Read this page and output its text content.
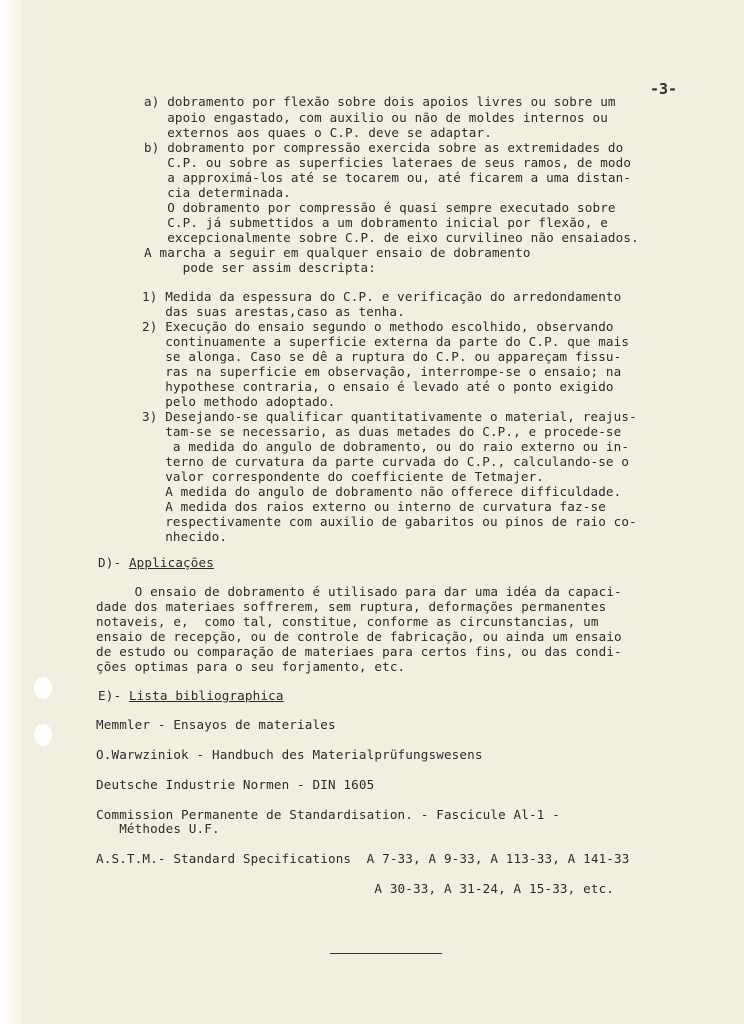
-3-
a) dobramento por flexão sobre dois apoios livres ou sobre um
apoio engastado, com auxilio ou não de moldes internos ou
externos aos quaes o C.P. deve se adaptar.
b) dobramento por compressão exercida sobre as extremidades do
C.P. ou sobre as superficies lateraes de seus ramos, de modo
a approximá-los até se tocarem ou, até ficarem a uma distan-
cia determinada.
O dobramento por compressão é quasi sempre executado sobre
C.P. já submettidos a um dobramento inicial por flexão, e
excepcionalmente sobre C.P. de eixo curvilineo não ensaiados.
A marcha a seguir em qualquer ensaio de dobramento
pode ser assim descripta:
1) Medida da espessura do C.P. e verificação do arredondamento
das suas arestas,caso as tenha.
2) Execução do ensaio segundo o methodo escolhido, observando
continuamente a superficie externa da parte do C.P. que mais
se alonga. Caso se dê a ruptura do C.P. ou appareçam fissu-
ras na superficie em observação, interrompe-se o ensaio; na
hypothese contraria, o ensaio é levado até o ponto exigido
pelo methodo adoptado.
3) Desejando-se qualificar quantitativamente o material, reajus-
tam-se se necessario, as duas metades do C.P., e procede-se
a medida do angulo de dobramento, ou do raio externo ou in-
terno de curvatura da parte curvada do C.P., calculando-se o
valor correspondente do coefficiente de Tetmajer.
A medida do angulo de dobramento não offerece difficuldade.
A medida dos raios externo ou interno de curvatura faz-se
respectivamente com auxilio de gabaritos ou pinos de raio co-
nhecido.
D)- Applicações
O ensaio de dobramento é utilisado para dar uma idéa da capaci-
dade dos materiaes soffrerem, sem ruptura, deformações permanentes
notaveis, e,  como tal, constitue, conforme as circunstancias, um
ensaio de recepção, ou de controle de fabricação, ou ainda um ensaio
de estudo ou comparação de materiaes para certos fins, ou das condi-
ções optimas para o seu forjamento, etc.
E)- Lista bibliographica
Memmler - Ensayos de materiales
O.Warwziniok - Handbuch des Materialprüfungswesens
Deutsche Industrie Normen - DIN 1605
Commission Permanente de Standardisation. - Fascicule Al-1 -
Méthodes U.F.
A.S.T.M.- Standard Specifications  A 7-33, A 9-33, A 113-33, A 141-33
A 30-33, A 31-24, A 15-33, etc.
